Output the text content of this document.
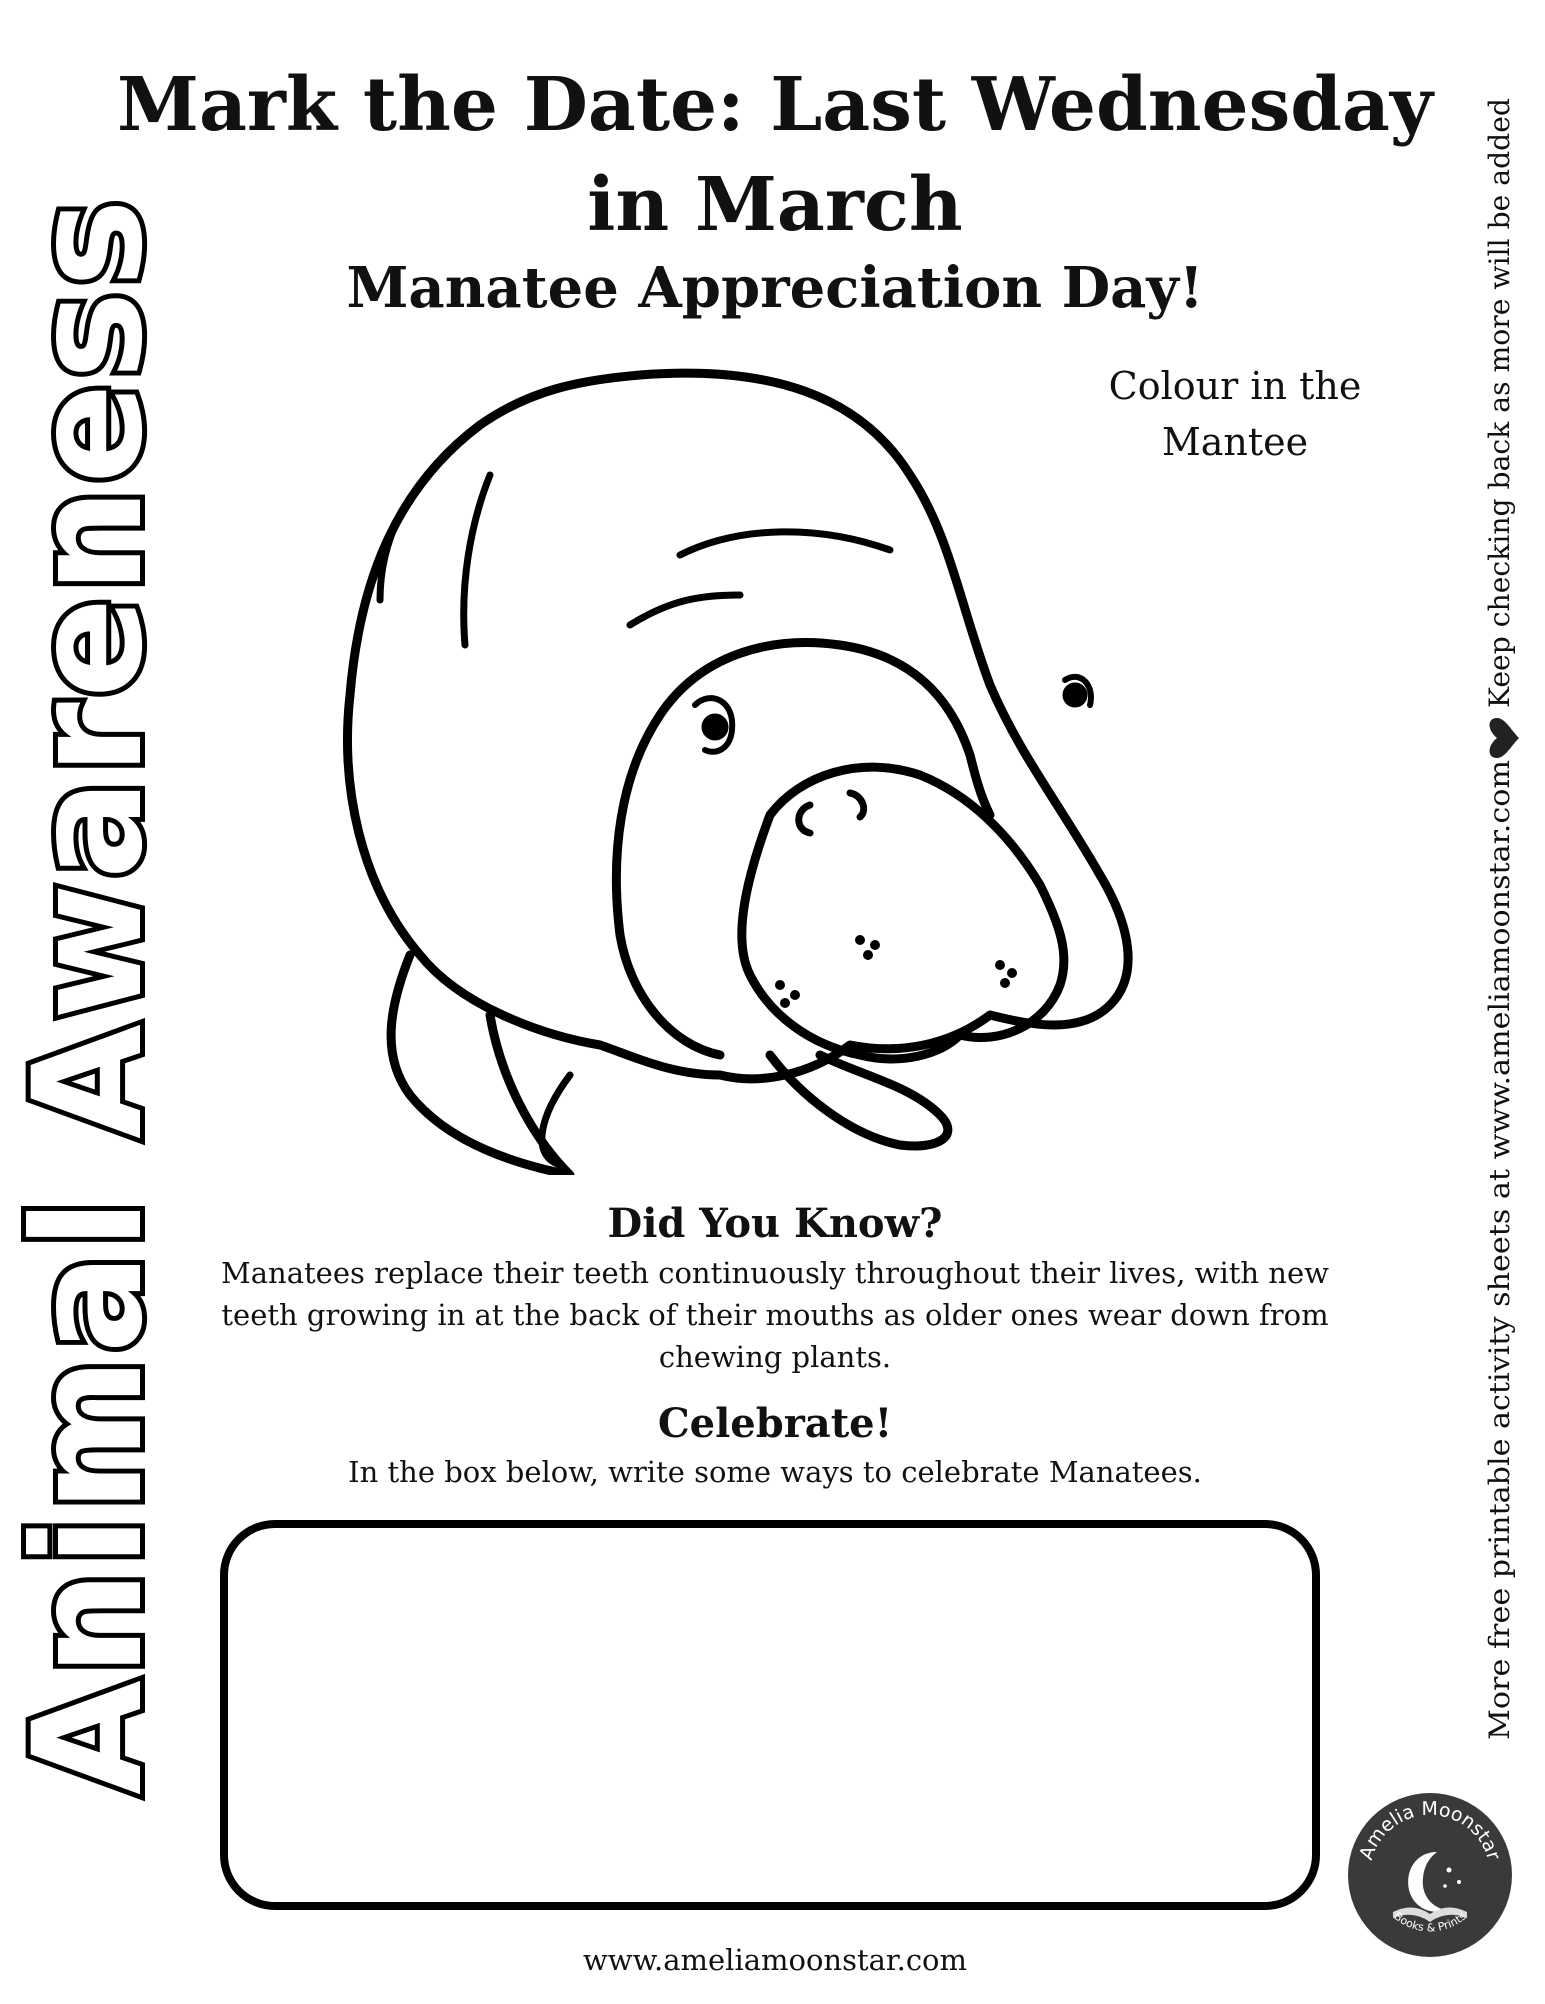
Animal Awareness	More free printable activity sheets at www.ameliamoonstar.com
Keep checking back as more will be added
Mark the Date: Last Wednesday in March
Manatee Appreciation Day!
Colour in the Mantee
Did You Know?

Manatees replace their teeth continuously throughout their lives, with new teeth growing in at the back of their mouths as older ones wear down from chewing plants.

Celebrate!

In the box below, write some ways to celebrate Manatees.

www.ameliamoonstar.com

Amelia Moonstar
Books & Prints
